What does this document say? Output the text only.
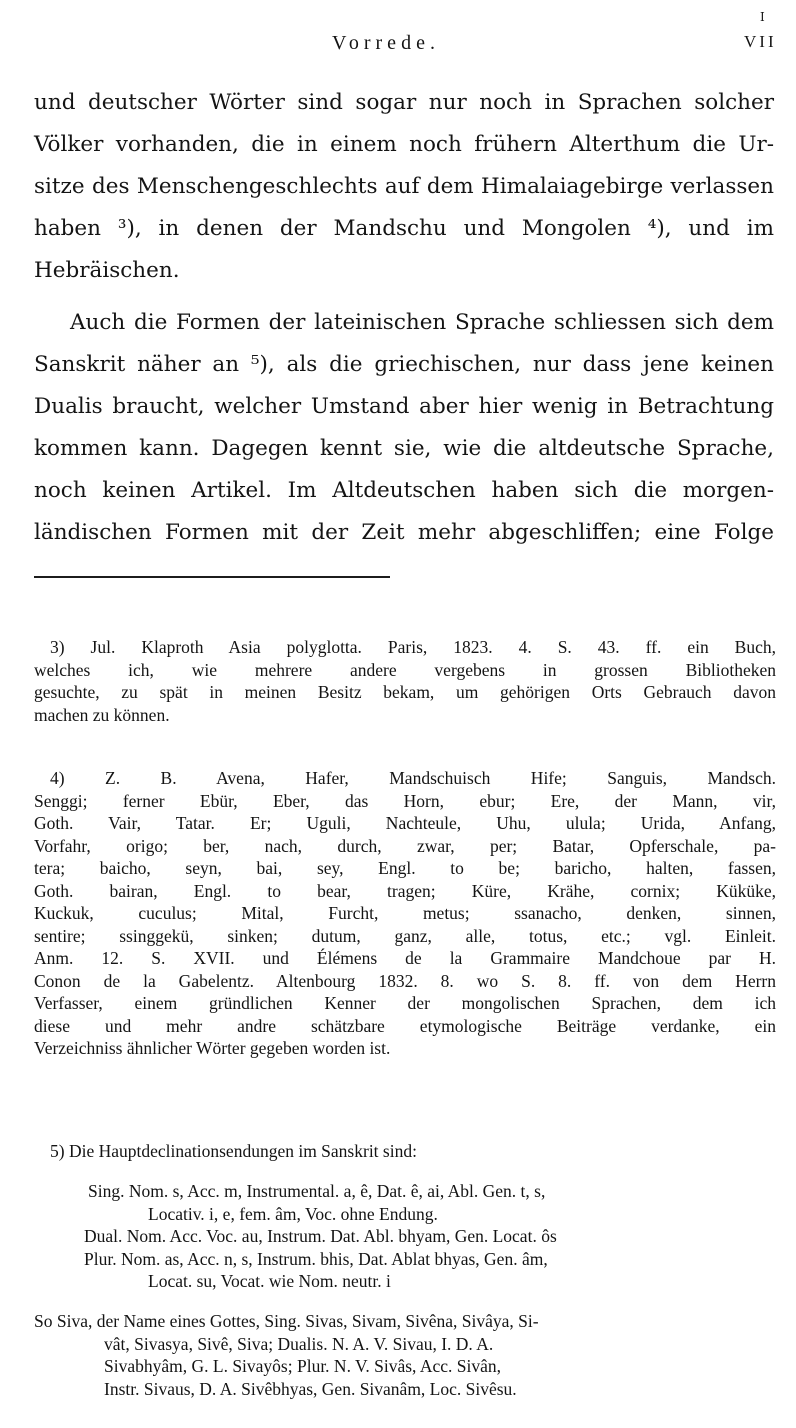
Vorrede.	VII
I
und deutscher Wörter sind sogar nur noch in Sprachen solcher
Völker vorhanden, die in einem noch frühern Alterthum die Ur-
sitze des Menschengeschlechts auf dem Himalaiagebirge verlassen
haben ³), in denen der Mandschu und Mongolen ⁴), und im
Hebräischen.
Auch die Formen der lateinischen Sprache schliessen sich dem
Sanskrit näher an ⁵), als die griechischen, nur dass jene keinen
Dualis braucht, welcher Umstand aber hier wenig in Betrachtung
kommen kann. Dagegen kennt sie, wie die altdeutsche Sprache,
noch keinen Artikel. Im Altdeutschen haben sich die morgen-
ländischen Formen mit der Zeit mehr abgeschliffen; eine Folge
3) Jul. Klaproth Asia polyglotta. Paris, 1823. 4. S. 43. ff. ein Buch,
welches ich, wie mehrere andere vergebens in grossen Bibliotheken
gesuchte, zu spät in meinen Besitz bekam, um gehörigen Orts Gebrauch davon
machen zu können.
4) Z. B. Avena, Hafer, Mandschuisch Hife; Sanguis, Mandsch.
Senggi; ferner Ebür, Eber, das Horn, ebur; Ere, der Mann, vir,
Goth. Vair, Tatar. Er; Uguli, Nachteule, Uhu, ulula; Urida, Anfang,
Vorfahr, origo; ber, nach, durch, zwar, per; Batar, Opferschale, pa-
tera; baicho, seyn, bai, sey, Engl. to be; baricho, halten, fassen,
Goth. bairan, Engl. to bear, tragen; Küre, Krähe, cornix; Küküke,
Kuckuk, cuculus; Mital, Furcht, metus; ssanacho, denken, sinnen,
sentire; ssinggekü, sinken; dutum, ganz, alle, totus, etc.; vgl. Einleit.
Anm. 12. S. XVII. und Élémens de la Grammaire Mandchoue par H.
Conon de la Gabelentz. Altenbourg 1832. 8. wo S. 8. ff. von dem Herrn
Verfasser, einem gründlichen Kenner der mongolischen Sprachen, dem ich
diese und mehr andre schätzbare etymologische Beiträge verdanke, ein
Verzeichniss ähnlicher Wörter gegeben worden ist.
5) Die Hauptdeclinationsendungen im Sanskrit sind:
Sing. Nom. s, Acc. m, Instrumental. a, ê, Dat. ê, ai, Abl. Gen. t, s,
Locativ. i, e, fem. âm, Voc. ohne Endung.
Dual. Nom. Acc. Voc. au, Instrum. Dat. Abl. bhyam, Gen. Locat. ôs
Plur. Nom. as, Acc. n, s, Instrum. bhis, Dat. Ablat bhyas, Gen. âm,
Locat. su, Vocat. wie Nom. neutr. i
So Siva, der Name eines Gottes, Sing. Sivas, Sivam, Sivêna, Sivâya, Si-
vât, Sivasya, Sivê, Siva; Dualis. N. A. V. Sivau, I. D. A.
Sivabhyâm, G. L. Sivayôs; Plur. N. V. Sivâs, Acc. Sivân,
Instr. Sivaus, D. A. Sivêbhyas, Gen. Sivanâm, Loc. Sivêsu.
